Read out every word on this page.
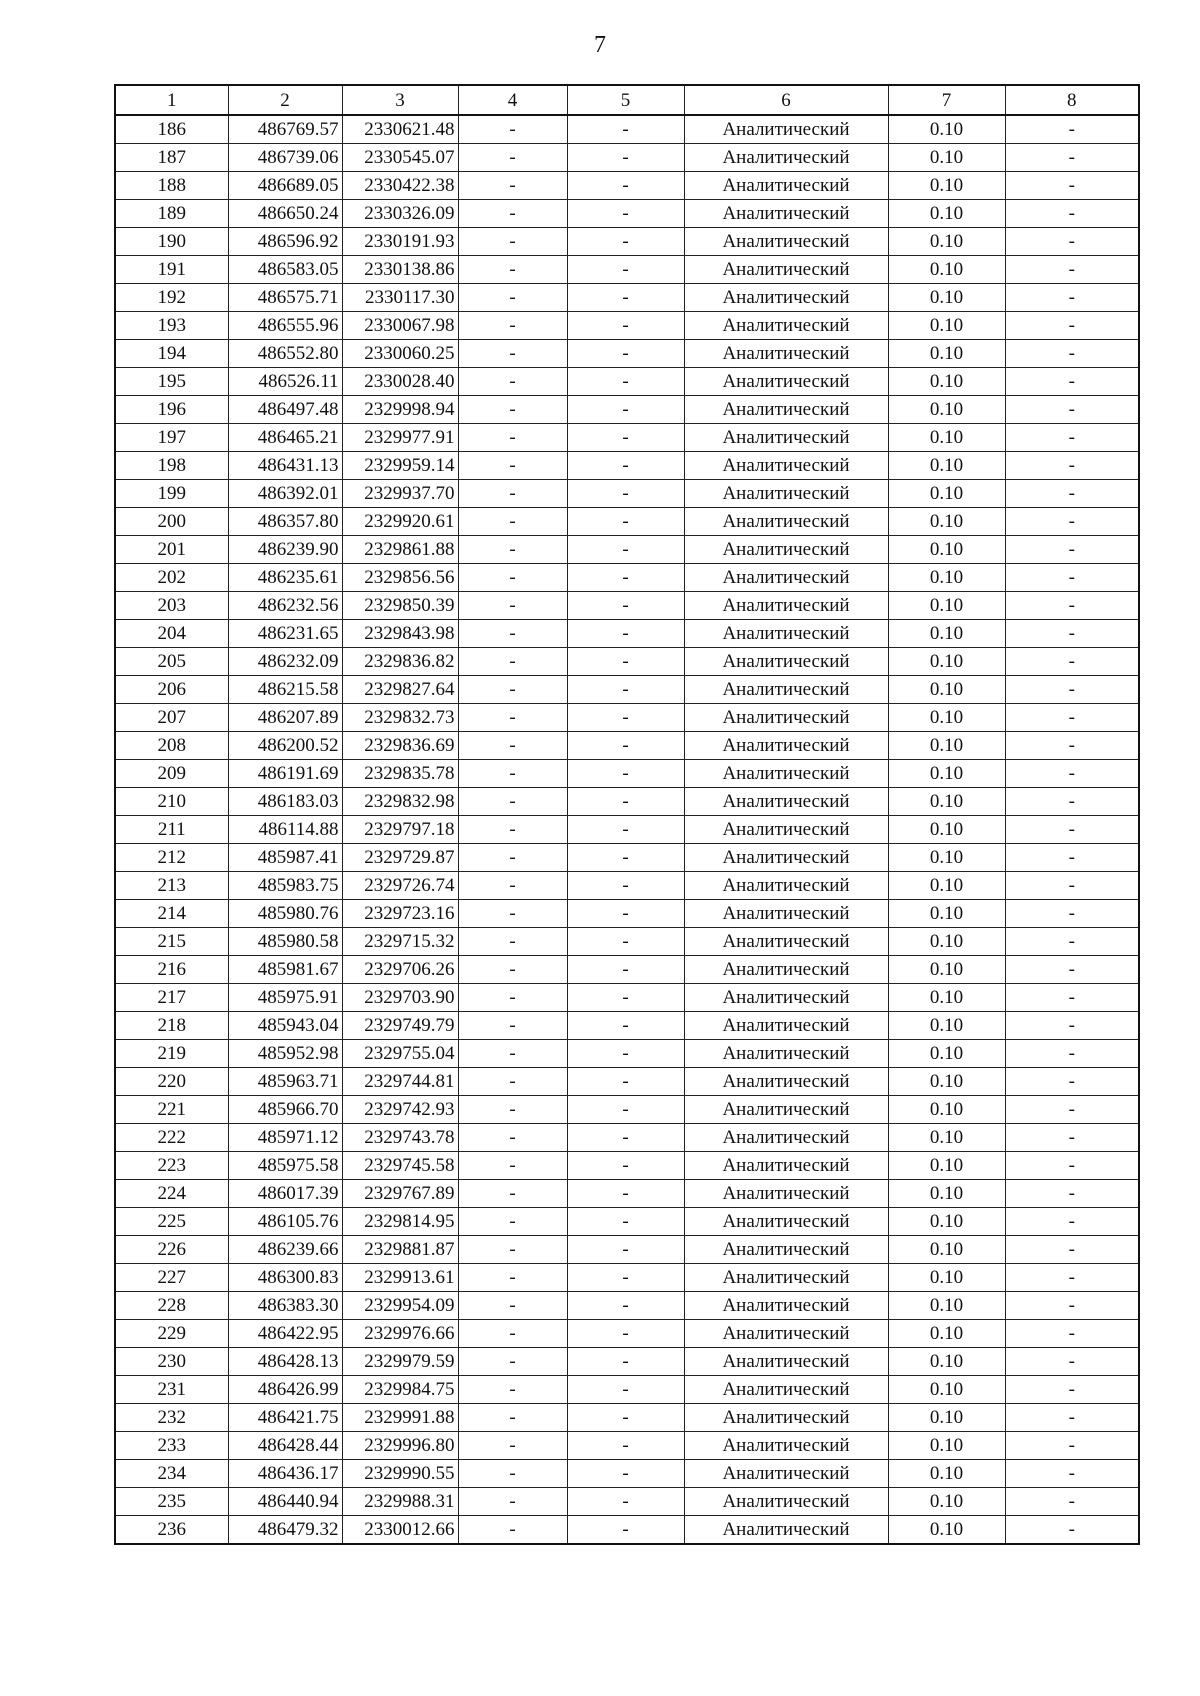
7
1	2	3	4	5	6	7	8
186	486769.57	2330621.48	-	-	Аналитический	0.10	-
187	486739.06	2330545.07	-	-	Аналитический	0.10	-
188	486689.05	2330422.38	-	-	Аналитический	0.10	-
189	486650.24	2330326.09	-	-	Аналитический	0.10	-
190	486596.92	2330191.93	-	-	Аналитический	0.10	-
191	486583.05	2330138.86	-	-	Аналитический	0.10	-
192	486575.71	2330117.30	-	-	Аналитический	0.10	-
193	486555.96	2330067.98	-	-	Аналитический	0.10	-
194	486552.80	2330060.25	-	-	Аналитический	0.10	-
195	486526.11	2330028.40	-	-	Аналитический	0.10	-
196	486497.48	2329998.94	-	-	Аналитический	0.10	-
197	486465.21	2329977.91	-	-	Аналитический	0.10	-
198	486431.13	2329959.14	-	-	Аналитический	0.10	-
199	486392.01	2329937.70	-	-	Аналитический	0.10	-
200	486357.80	2329920.61	-	-	Аналитический	0.10	-
201	486239.90	2329861.88	-	-	Аналитический	0.10	-
202	486235.61	2329856.56	-	-	Аналитический	0.10	-
203	486232.56	2329850.39	-	-	Аналитический	0.10	-
204	486231.65	2329843.98	-	-	Аналитический	0.10	-
205	486232.09	2329836.82	-	-	Аналитический	0.10	-
206	486215.58	2329827.64	-	-	Аналитический	0.10	-
207	486207.89	2329832.73	-	-	Аналитический	0.10	-
208	486200.52	2329836.69	-	-	Аналитический	0.10	-
209	486191.69	2329835.78	-	-	Аналитический	0.10	-
210	486183.03	2329832.98	-	-	Аналитический	0.10	-
211	486114.88	2329797.18	-	-	Аналитический	0.10	-
212	485987.41	2329729.87	-	-	Аналитический	0.10	-
213	485983.75	2329726.74	-	-	Аналитический	0.10	-
214	485980.76	2329723.16	-	-	Аналитический	0.10	-
215	485980.58	2329715.32	-	-	Аналитический	0.10	-
216	485981.67	2329706.26	-	-	Аналитический	0.10	-
217	485975.91	2329703.90	-	-	Аналитический	0.10	-
218	485943.04	2329749.79	-	-	Аналитический	0.10	-
219	485952.98	2329755.04	-	-	Аналитический	0.10	-
220	485963.71	2329744.81	-	-	Аналитический	0.10	-
221	485966.70	2329742.93	-	-	Аналитический	0.10	-
222	485971.12	2329743.78	-	-	Аналитический	0.10	-
223	485975.58	2329745.58	-	-	Аналитический	0.10	-
224	486017.39	2329767.89	-	-	Аналитический	0.10	-
225	486105.76	2329814.95	-	-	Аналитический	0.10	-
226	486239.66	2329881.87	-	-	Аналитический	0.10	-
227	486300.83	2329913.61	-	-	Аналитический	0.10	-
228	486383.30	2329954.09	-	-	Аналитический	0.10	-
229	486422.95	2329976.66	-	-	Аналитический	0.10	-
230	486428.13	2329979.59	-	-	Аналитический	0.10	-
231	486426.99	2329984.75	-	-	Аналитический	0.10	-
232	486421.75	2329991.88	-	-	Аналитический	0.10	-
233	486428.44	2329996.80	-	-	Аналитический	0.10	-
234	486436.17	2329990.55	-	-	Аналитический	0.10	-
235	486440.94	2329988.31	-	-	Аналитический	0.10	-
236	486479.32	2330012.66	-	-	Аналитический	0.10	-
